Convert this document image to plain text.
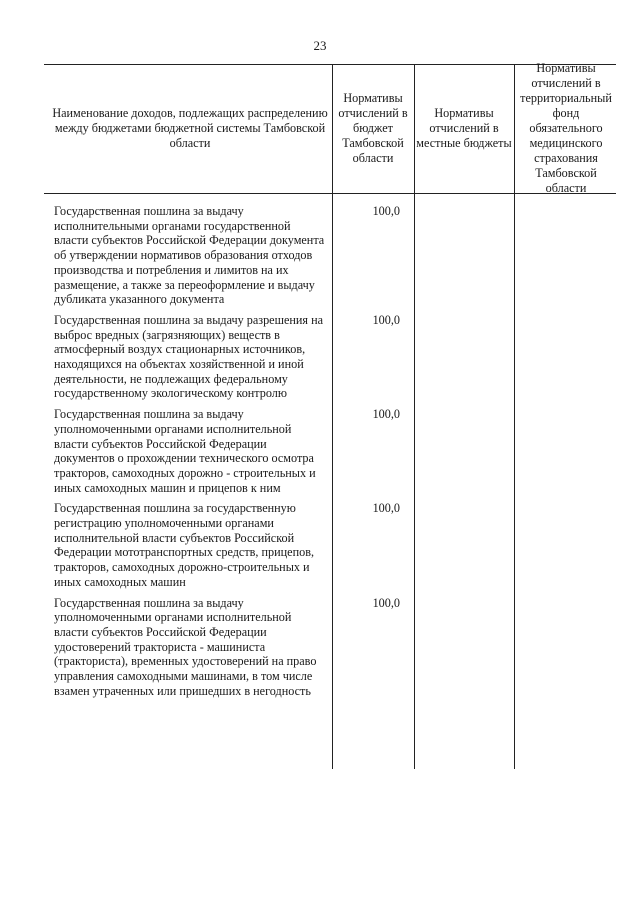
23
Наименование доходов, подлежащих распределению между бюджетами бюджетной системы Тамбовской области
Нормативы отчислений в бюджет Тамбовской области
Нормативы отчислений в местные бюджеты
Нормативы отчислений в территориальный фонд обязательного медицинского страхования Тамбовской области
Государственная пошлина за выдачу исполнительными органами государственной власти субъектов Российской Федерации документа об утверждении нормативов образования отходов производства и потребления и лимитов на их размещение, а также за переоформление и выдачу дубликата указанного документа
100,0
Государственная пошлина за выдачу разрешения на выброс вредных (загрязняющих) веществ в атмосферный воздух стационарных источников, находящихся на объектах хозяйственной и иной деятельности, не подлежащих федеральному государственному экологическому контролю
100,0
Государственная пошлина за выдачу уполномоченными органами исполнительной власти субъектов Российской Федерации документов о прохождении технического осмотра тракторов, самоходных дорожно - строительных и иных самоходных машин и прицепов к ним
100,0
Государственная пошлина за государственную регистрацию уполномоченными органами исполнительной власти субъектов Российской Федерации мототранспортных средств, прицепов, тракторов, самоходных дорожно-строительных и иных самоходных машин
100,0
Государственная пошлина за выдачу уполномоченными органами исполнительной власти субъектов Российской Федерации удостоверений тракториста - машиниста (тракториста), временных удостоверений на право управления самоходными машинами, в том числе взамен утраченных или пришедших в негодность
100,0
